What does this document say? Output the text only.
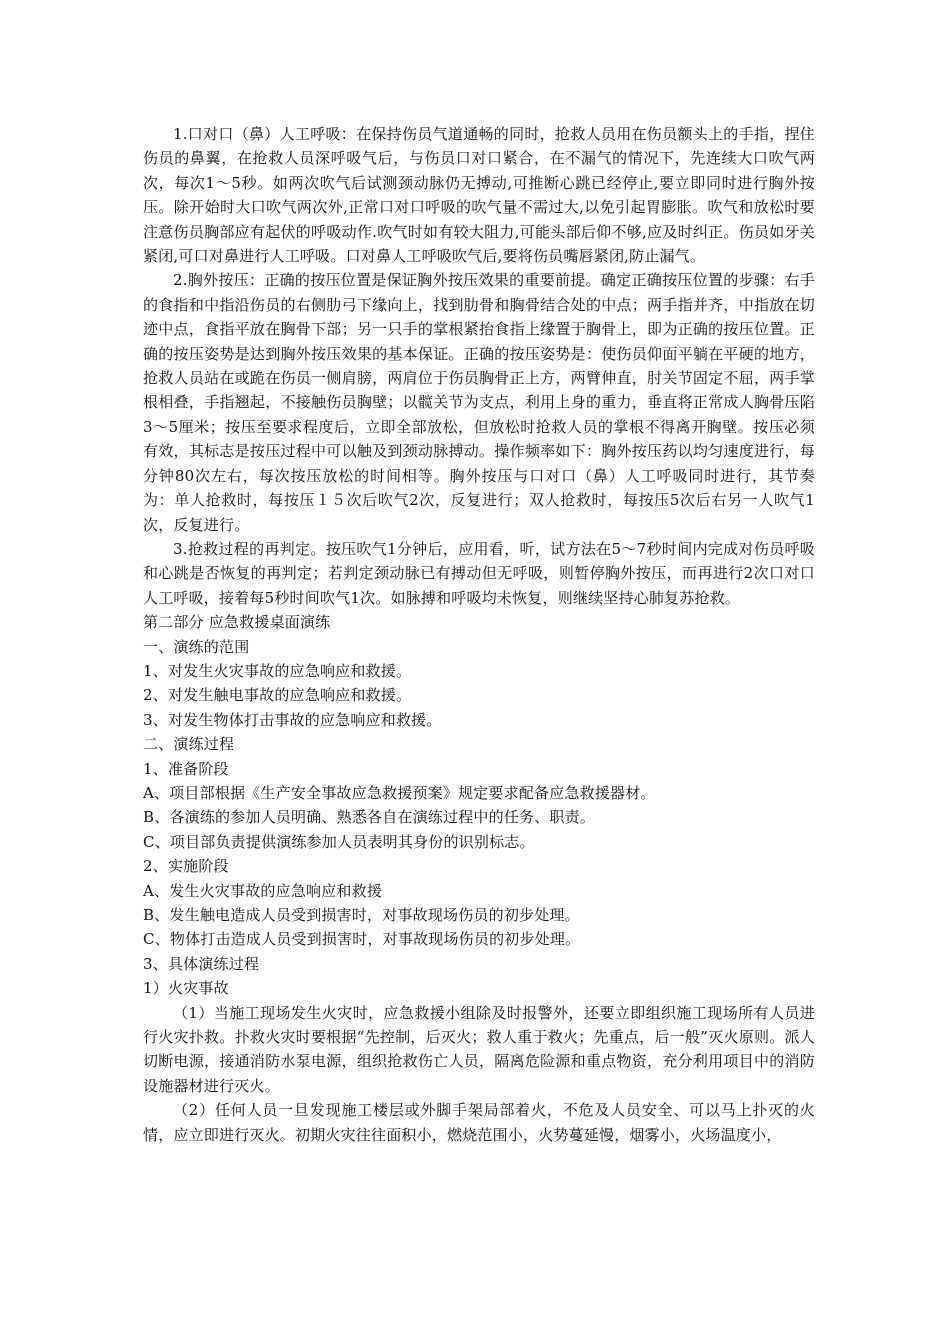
1.口对口（鼻）人工呼吸：在保持伤员气道通畅的同时，抢救人员用在伤员额头上的手指，捏住伤员的鼻翼，在抢救人员深呼吸气后，与伤员口对口紧合，在不漏气的情况下，先连续大口吹气两次，每次1～5秒。如两次吹气后试测颈动脉仍无搏动,可推断心跳已经停止,要立即同时进行胸外按压。除开始时大口吹气两次外,正常口对口呼吸的吹气量不需过大,以免引起胃膨胀。吹气和放松时要注意伤员胸部应有起伏的呼吸动作.吹气时如有较大阻力,可能头部后仰不够,应及时纠正。伤员如牙关紧闭,可口对鼻进行人工呼吸。口对鼻人工呼吸吹气后,要将伤员嘴唇紧闭,防止漏气。

2.胸外按压：正确的按压位置是保证胸外按压效果的重要前提。确定正确按压位置的步骤：右手的食指和中指沿伤员的右侧肋弓下缘向上，找到肋骨和胸骨结合处的中点；两手指并齐，中指放在切迹中点，食指平放在胸骨下部；另一只手的掌根紧抬食指上缘置于胸骨上，即为正确的按压位置。正确的按压姿势是达到胸外按压效果的基本保证。正确的按压姿势是：使伤员仰面平躺在平硬的地方，抢救人员站在或跪在伤员一侧肩膀，两肩位于伤员胸骨正上方，两臂伸直，肘关节固定不屈，两手掌根相叠，手指翘起，不接触伤员胸壁；以髋关节为支点，利用上身的重力，垂直将正常成人胸骨压陷3～5厘米；按压至要求程度后，立即全部放松，但放松时抢救人员的掌根不得离开胸壁。按压必须有效，其标志是按压过程中可以触及到颈动脉搏动。操作频率如下：胸外按压药以均匀速度进行，每分钟80次左右，每次按压放松的时间相等。胸外按压与口对口（鼻）人工呼吸同时进行，其节奏为：单人抢救时，每按压１５次后吹气2次，反复进行；双人抢救时，每按压5次后右另一人吹气1次，反复进行。

3.抢救过程的再判定。按压吹气1分钟后，应用看，听，试方法在5～7秒时间内完成对伤员呼吸和心跳是否恢复的再判定；若判定颈动脉已有搏动但无呼吸，则暂停胸外按压，而再进行2次口对口人工呼吸，接着每5秒时间吹气1次。如脉搏和呼吸均未恢复，则继续坚持心肺复苏抢救。

第二部分 应急救援桌面演练

一、演练的范围

1、对发生火灾事故的应急响应和救援。

2、对发生触电事故的应急响应和救援。

3、对发生物体打击事故的应急响应和救援。

二、演练过程

1、准备阶段

A、项目部根据《生产安全事故应急救援预案》规定要求配备应急救援器材。

B、各演练的参加人员明确、熟悉各自在演练过程中的任务、职责。

C、项目部负责提供演练参加人员表明其身份的识别标志。

2、实施阶段

A、发生火灾事故的应急响应和救援

B、发生触电造成人员受到损害时，对事故现场伤员的初步处理。

C、物体打击造成人员受到损害时，对事故现场伤员的初步处理。

3、具体演练过程

1）火灾事故

（1）当施工现场发生火灾时，应急救援小组除及时报警外，还要立即组织施工现场所有人员进行火灾扑救。扑救火灾时要根据“先控制，后灭火；救人重于救火；先重点，后一般”灭火原则。派人切断电源，接通消防水泵电源，组织抢救伤亡人员，隔离危险源和重点物资，充分利用项目中的消防设施器材进行灭火。

（2）任何人员一旦发现施工楼层或外脚手架局部着火，不危及人员安全、可以马上扑灭的火情，应立即进行灭火。初期火灾往往面积小，燃烧范围小，火势蔓延慢，烟雾小，火场温度小，
